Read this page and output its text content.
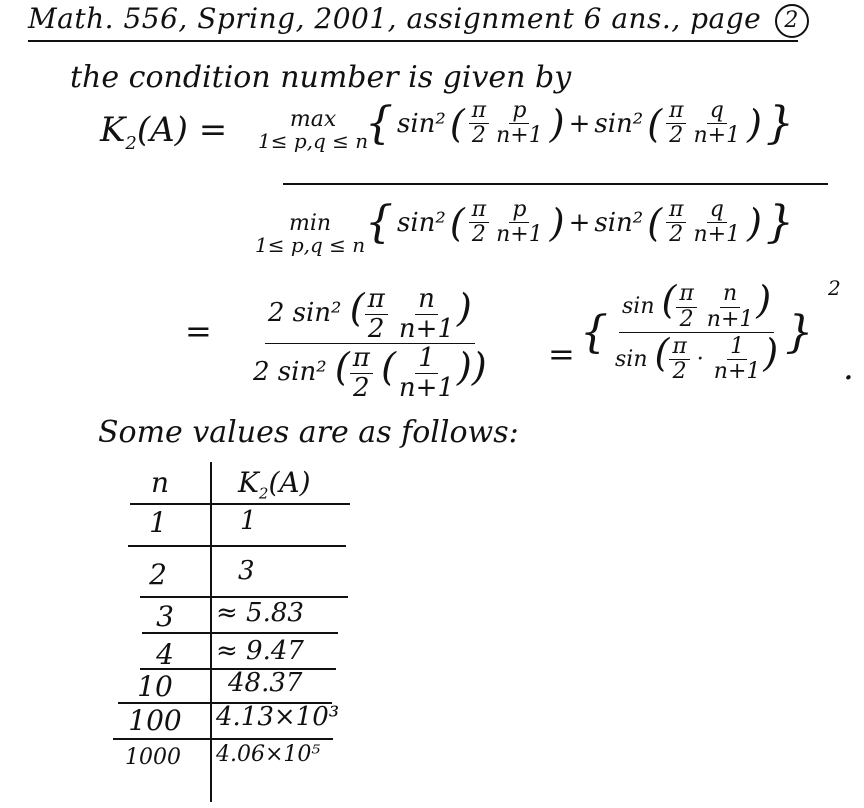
Math. 556, Spring, 2001, assignment 6 ans., page 2
the condition number is given by
$K_2(A)$ =	max
1≤ p,q ≤ n
{ sin² ( $\frac{\pi}{2} \frac{p}{n+1}$ ) + sin² ( $\frac{\pi}{2} \frac{q}{n+1}$ ) }
min
1≤ p,q ≤ n { sin² ( $\frac{\pi}{2} \frac{p}{n+1}$ ) + sin² ( $\frac{\pi}{2} \frac{q}{n+1}$ ) }
= 2 sin² ( $\frac{\pi}{2}$
$\frac{n}{n+1}$ )
2 sin² ( $\frac{\pi}{2}$ ( $\frac{1}{n+1}$ )) = { sin ( $\frac{\pi}{2}$
$\frac{n}{n+1}$ )
sin ( $\frac{\pi}{2} \cdot \frac{1}{n+1}$ ) }
2
.
Some values are as follows:
n	$K_2(A)$
1	1
2	3
3	≈ 5.83
4	≈ 9.47
10	48.37
100	4.13×10³
1000	4.06×10⁵
